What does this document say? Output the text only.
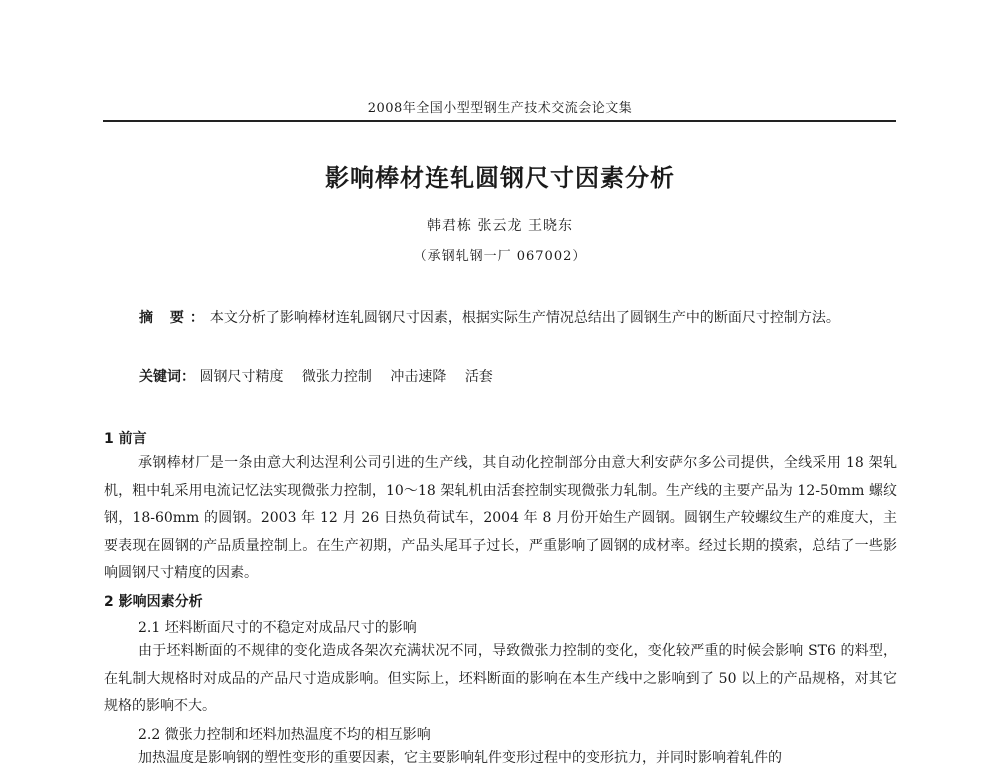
2008年全国小型型钢生产技术交流会论文集
影响棒材连轧圆钢尺寸因素分析
韩君栋 张云龙 王晓东
（承钢轧钢一厂 067002）
摘 要：本文分析了影响棒材连轧圆钢尺寸因素，根据实际生产情况总结出了圆钢生产中的断面尺寸控制方法。
关键词： 圆钢尺寸精度 微张力控制 冲击速降 活套
1 前言
承钢棒材厂是一条由意大利达涅利公司引进的生产线，其自动化控制部分由意大利安萨尔多公司提供，全线采用 18 架轧机，粗中轧采用电流记忆法实现微张力控制，10～18 架轧机由活套控制实现微张力轧制。生产线的主要产品为 12-50mm 螺纹钢，18-60mm 的圆钢。2003 年 12 月 26 日热负荷试车，2004 年 8 月份开始生产圆钢。圆钢生产较螺纹生产的难度大，主要表现在圆钢的产品质量控制上。在生产初期，产品头尾耳子过长，严重影响了圆钢的成材率。经过长期的摸索，总结了一些影响圆钢尺寸精度的因素。
2 影响因素分析
2.1 坯料断面尺寸的不稳定对成品尺寸的影响
由于坯料断面的不规律的变化造成各架次充满状况不同，导致微张力控制的变化，变化较严重的时候会影响 ST6 的料型，在轧制大规格时对成品的产品尺寸造成影响。但实际上，坯料断面的影响在本生产线中之影响到了 50 以上的产品规格，对其它规格的影响不大。
2.2 微张力控制和坯料加热温度不均的相互影响
加热温度是影响钢的塑性变形的重要因素，它主要影响轧件变形过程中的变形抗力，并同时影响着轧件的
